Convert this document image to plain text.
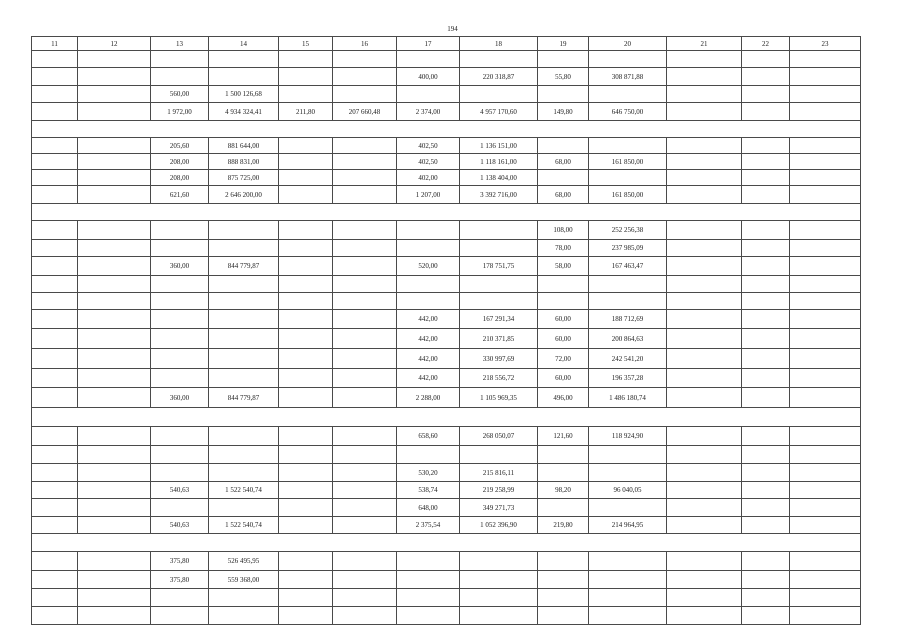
194
11	12	13	14	15	16	17	18	19	20	21	22	23

						400,00	220 318,87	55,80	308 871,88			
		560,00	1 500 126,68									
		1 972,00	4 934 324,41	211,80	207 660,48	2 374,00	4 957 170,60	149,80	646 750,00			

		205,60	881 644,00			402,50	1 136 151,00					
		208,00	888 831,00			402,50	1 118 161,00	68,00	161 850,00			
		208,00	875 725,00			402,00	1 138 404,00					
		621,60	2 646 200,00			1 207,00	3 392 716,00	68,00	161 850,00			

								108,00	252 256,38			
								78,00	237 985,09			
		360,00	844 779,87			520,00	178 751,75	58,00	167 463,47			

						442,00	167 291,34	60,00	188 712,69			
						442,00	210 371,85	60,00	200 864,63			
						442,00	330 997,69	72,00	242 541,20			
						442,00	218 556,72	60,00	196 357,28			
		360,00	844 779,87			2 288,00	1 105 969,35	496,00	1 486 180,74			

						658,60	268 050,07	121,60	118 924,90			

						530,20	215 816,11					
		540,63	1 522 540,74			538,74	219 258,99	98,20	96 040,05			
						648,00	349 271,73					
		540,63	1 522 540,74			2 375,54	1 052 396,90	219,80	214 964,95			

		375,80	526 495,95									
		375,80	559 368,00									
